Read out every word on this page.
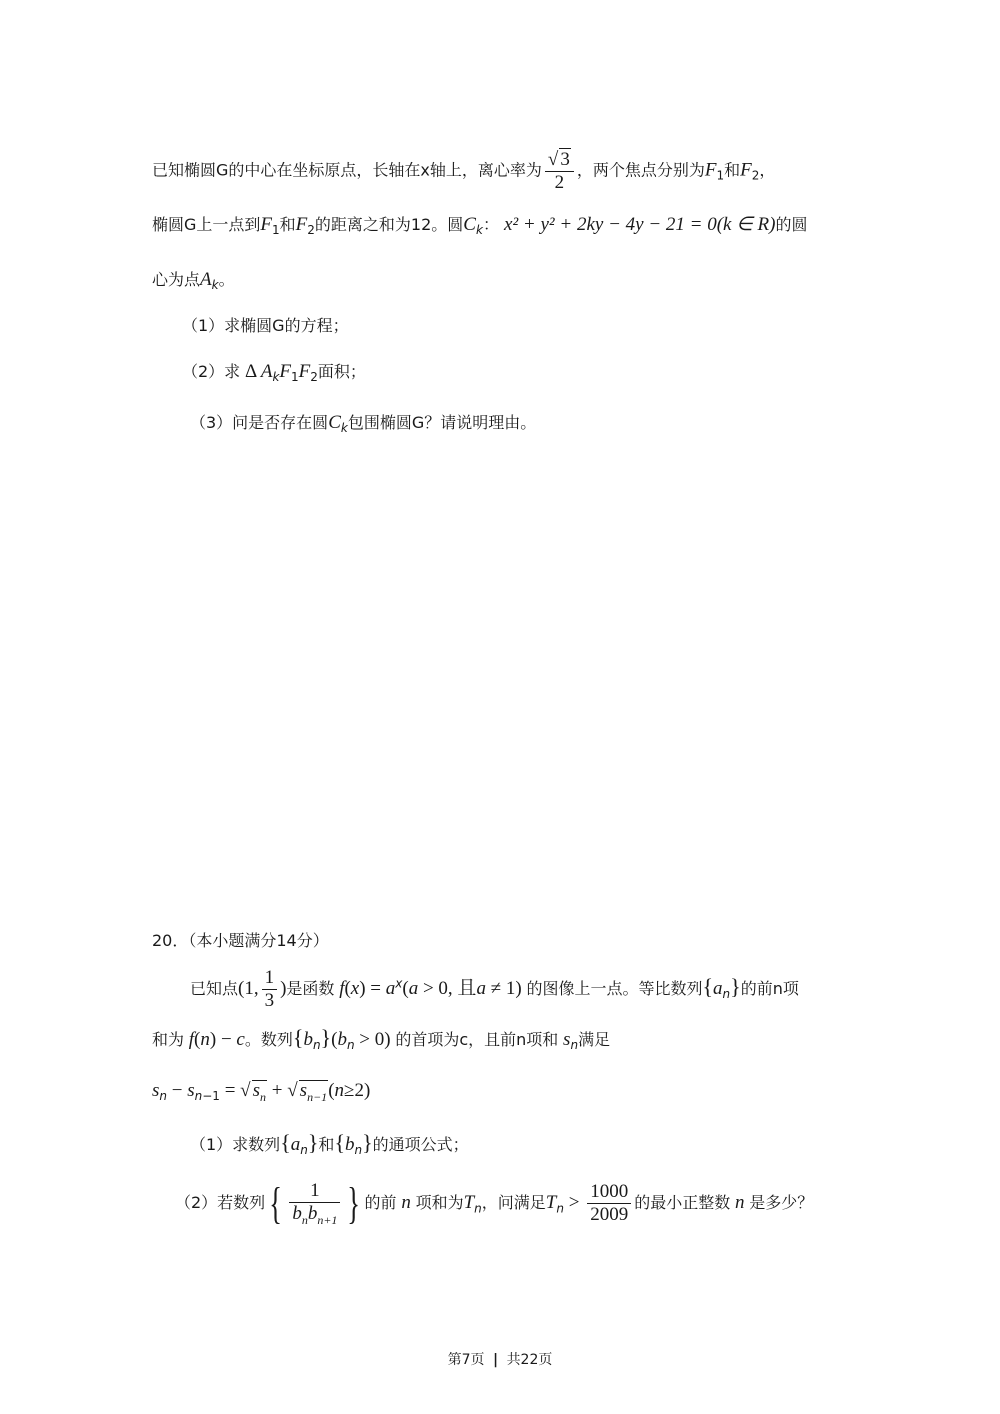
已知椭圆G的中心在坐标原点，长轴在x轴上，离心率为 $\frac{√ 3}{2}$ ，两个焦点分别为$F_1$和$F_2$，
椭圆G上一点到$F_1$和$F_2$的距离之和为12。圆$C_k$： x² + y² + 2ky − 4y − 21 = 0(k ∈ R)的圆
心为点$A_k$。
（1）求椭圆G的方程；
（2）求 Δ $A_kF_1F_2$面积；
（3）问是否存在圆$C_k$包围椭圆G？请说明理由。
20．（本小题满分14分）
已知点(1, $\frac{1}{3}$ )是函数 $f(x) = a^x(a > 0$, 且a ≠ 1) 的图像上一点。等比数列$\{a_n\}$的前n项
和为 f(n) − c。数列$\{b_n\}(b_n > 0)$ 的首项为c，且前n项和 $s_n$满足
$s_n - s_{n-1}$ = √ $s_n$ + √ $s_{n-1}(n\ge 2)$
（1）求数列$\{a_n\}$和$\{b_n\}$的通项公式；
（2）若数列{ $\frac{1}{b_nb_{n+1}}$ } 的前 n 项和为$T_n$，问满足$T_n > \frac{1000}{2009}$ 的最小正整数 n 是多少？
第7页 | 共22页
